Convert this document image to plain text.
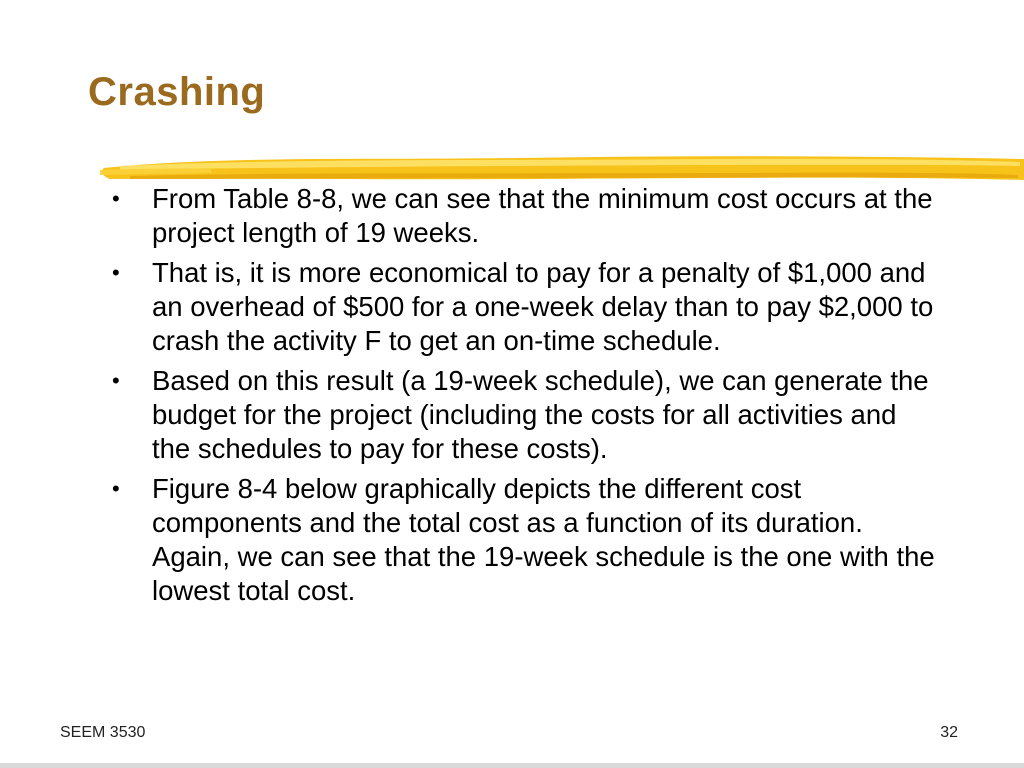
Crashing
•	From Table 8-8, we can see that the minimum cost occurs at the project length of 19 weeks.
•	That is, it is more economical to pay for a penalty of $1,000 and an overhead of $500 for a one-week delay than to pay $2,000 to crash the activity F to get an on-time schedule.
•	Based on this result (a 19-week schedule), we can generate the budget for the project (including the costs for all activities and the schedules to pay for these costs).
•	Figure 8-4 below graphically depicts the different cost components and the total cost as a function of its duration. Again, we can see that the 19-week schedule is the one with the lowest total cost.
SEEM 3530	32
